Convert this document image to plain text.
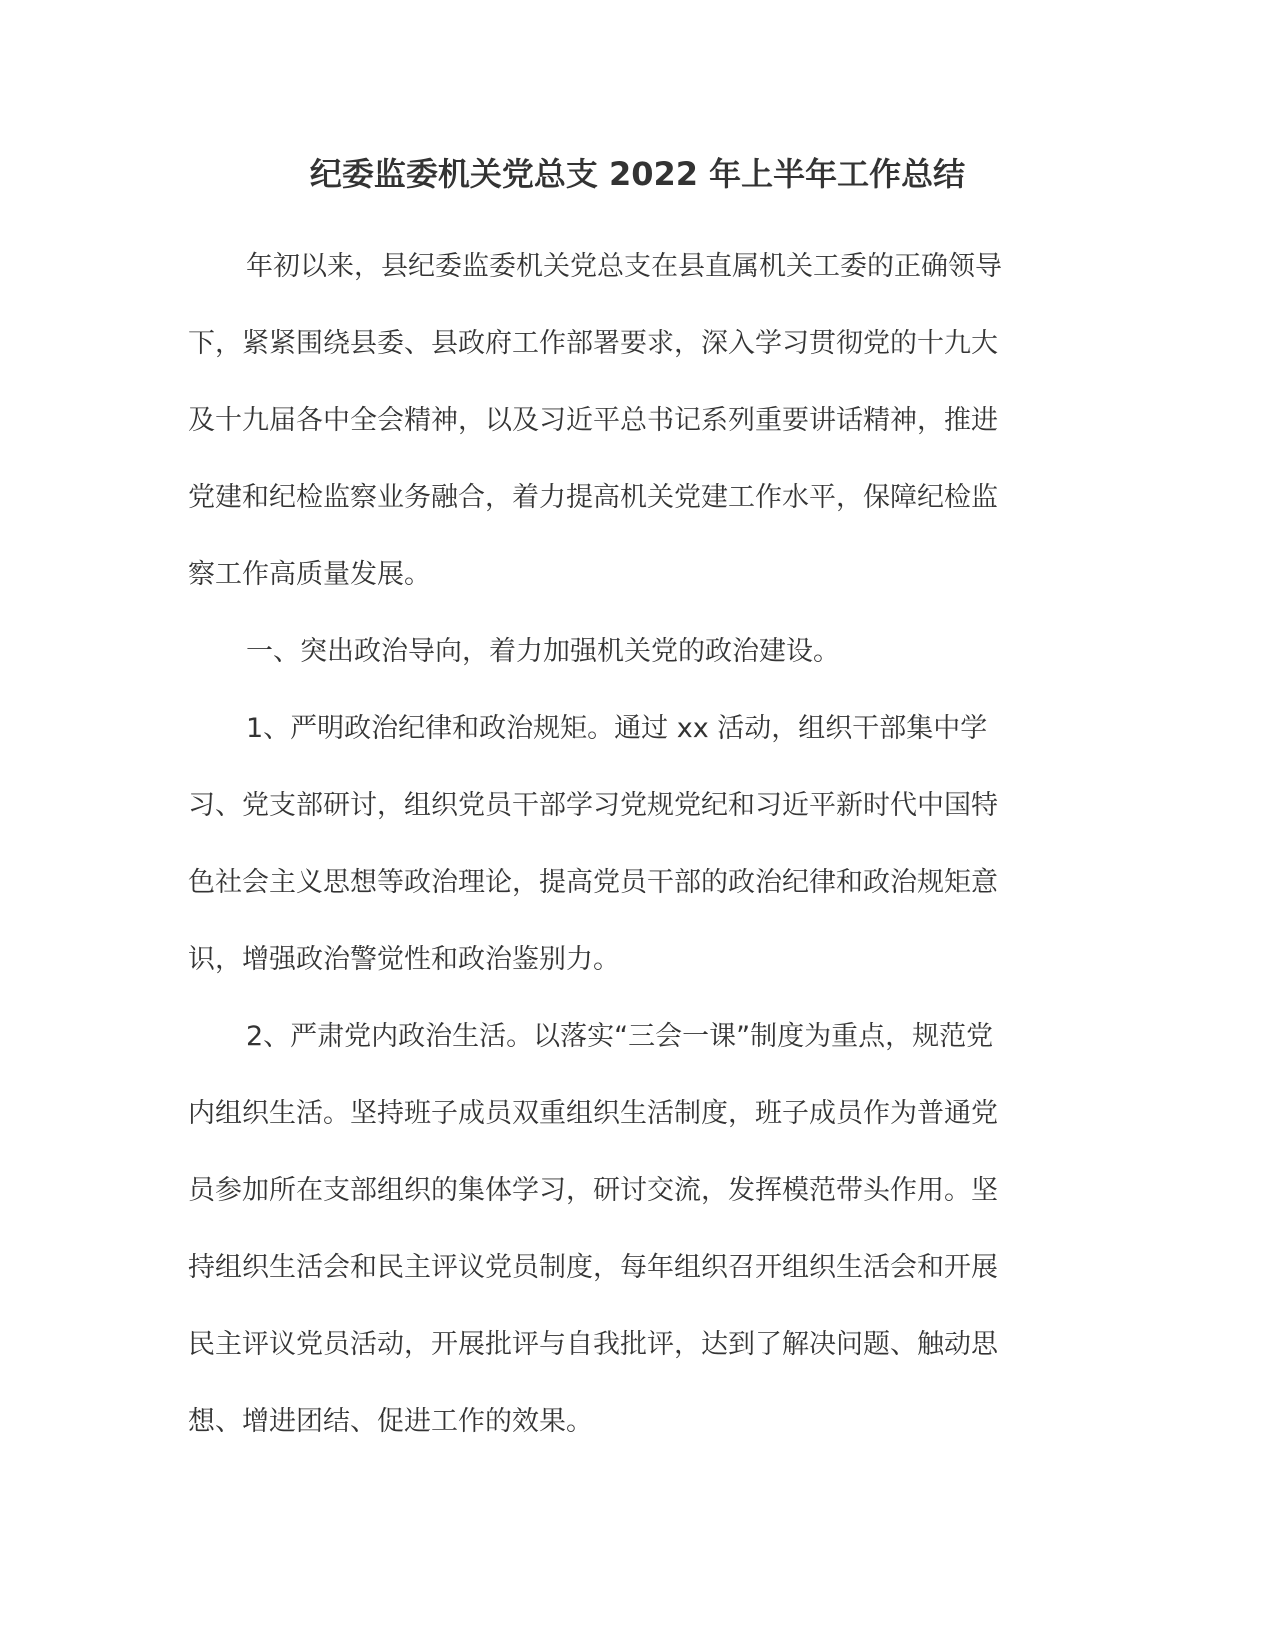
纪委监委机关党总支 2022 年上半年工作总结
年初以来，县纪委监委机关党总支在县直属机关工委的正确领导
下，紧紧围绕县委、县政府工作部署要求，深入学习贯彻党的十九大
及十九届各中全会精神，以及习近平总书记系列重要讲话精神，推进
党建和纪检监察业务融合，着力提高机关党建工作水平，保障纪检监
察工作高质量发展。
一、突出政治导向，着力加强机关党的政治建设。
1、严明政治纪律和政治规矩。通过 xx 活动，组织干部集中学
习、党支部研讨，组织党员干部学习党规党纪和习近平新时代中国特
色社会主义思想等政治理论，提高党员干部的政治纪律和政治规矩意
识，增强政治警觉性和政治鉴别力。
2、严肃党内政治生活。以落实“三会一课”制度为重点，规范党
内组织生活。坚持班子成员双重组织生活制度，班子成员作为普通党
员参加所在支部组织的集体学习，研讨交流，发挥模范带头作用。坚
持组织生活会和民主评议党员制度，每年组织召开组织生活会和开展
民主评议党员活动，开展批评与自我批评，达到了解决问题、触动思
想、增进团结、促进工作的效果。
